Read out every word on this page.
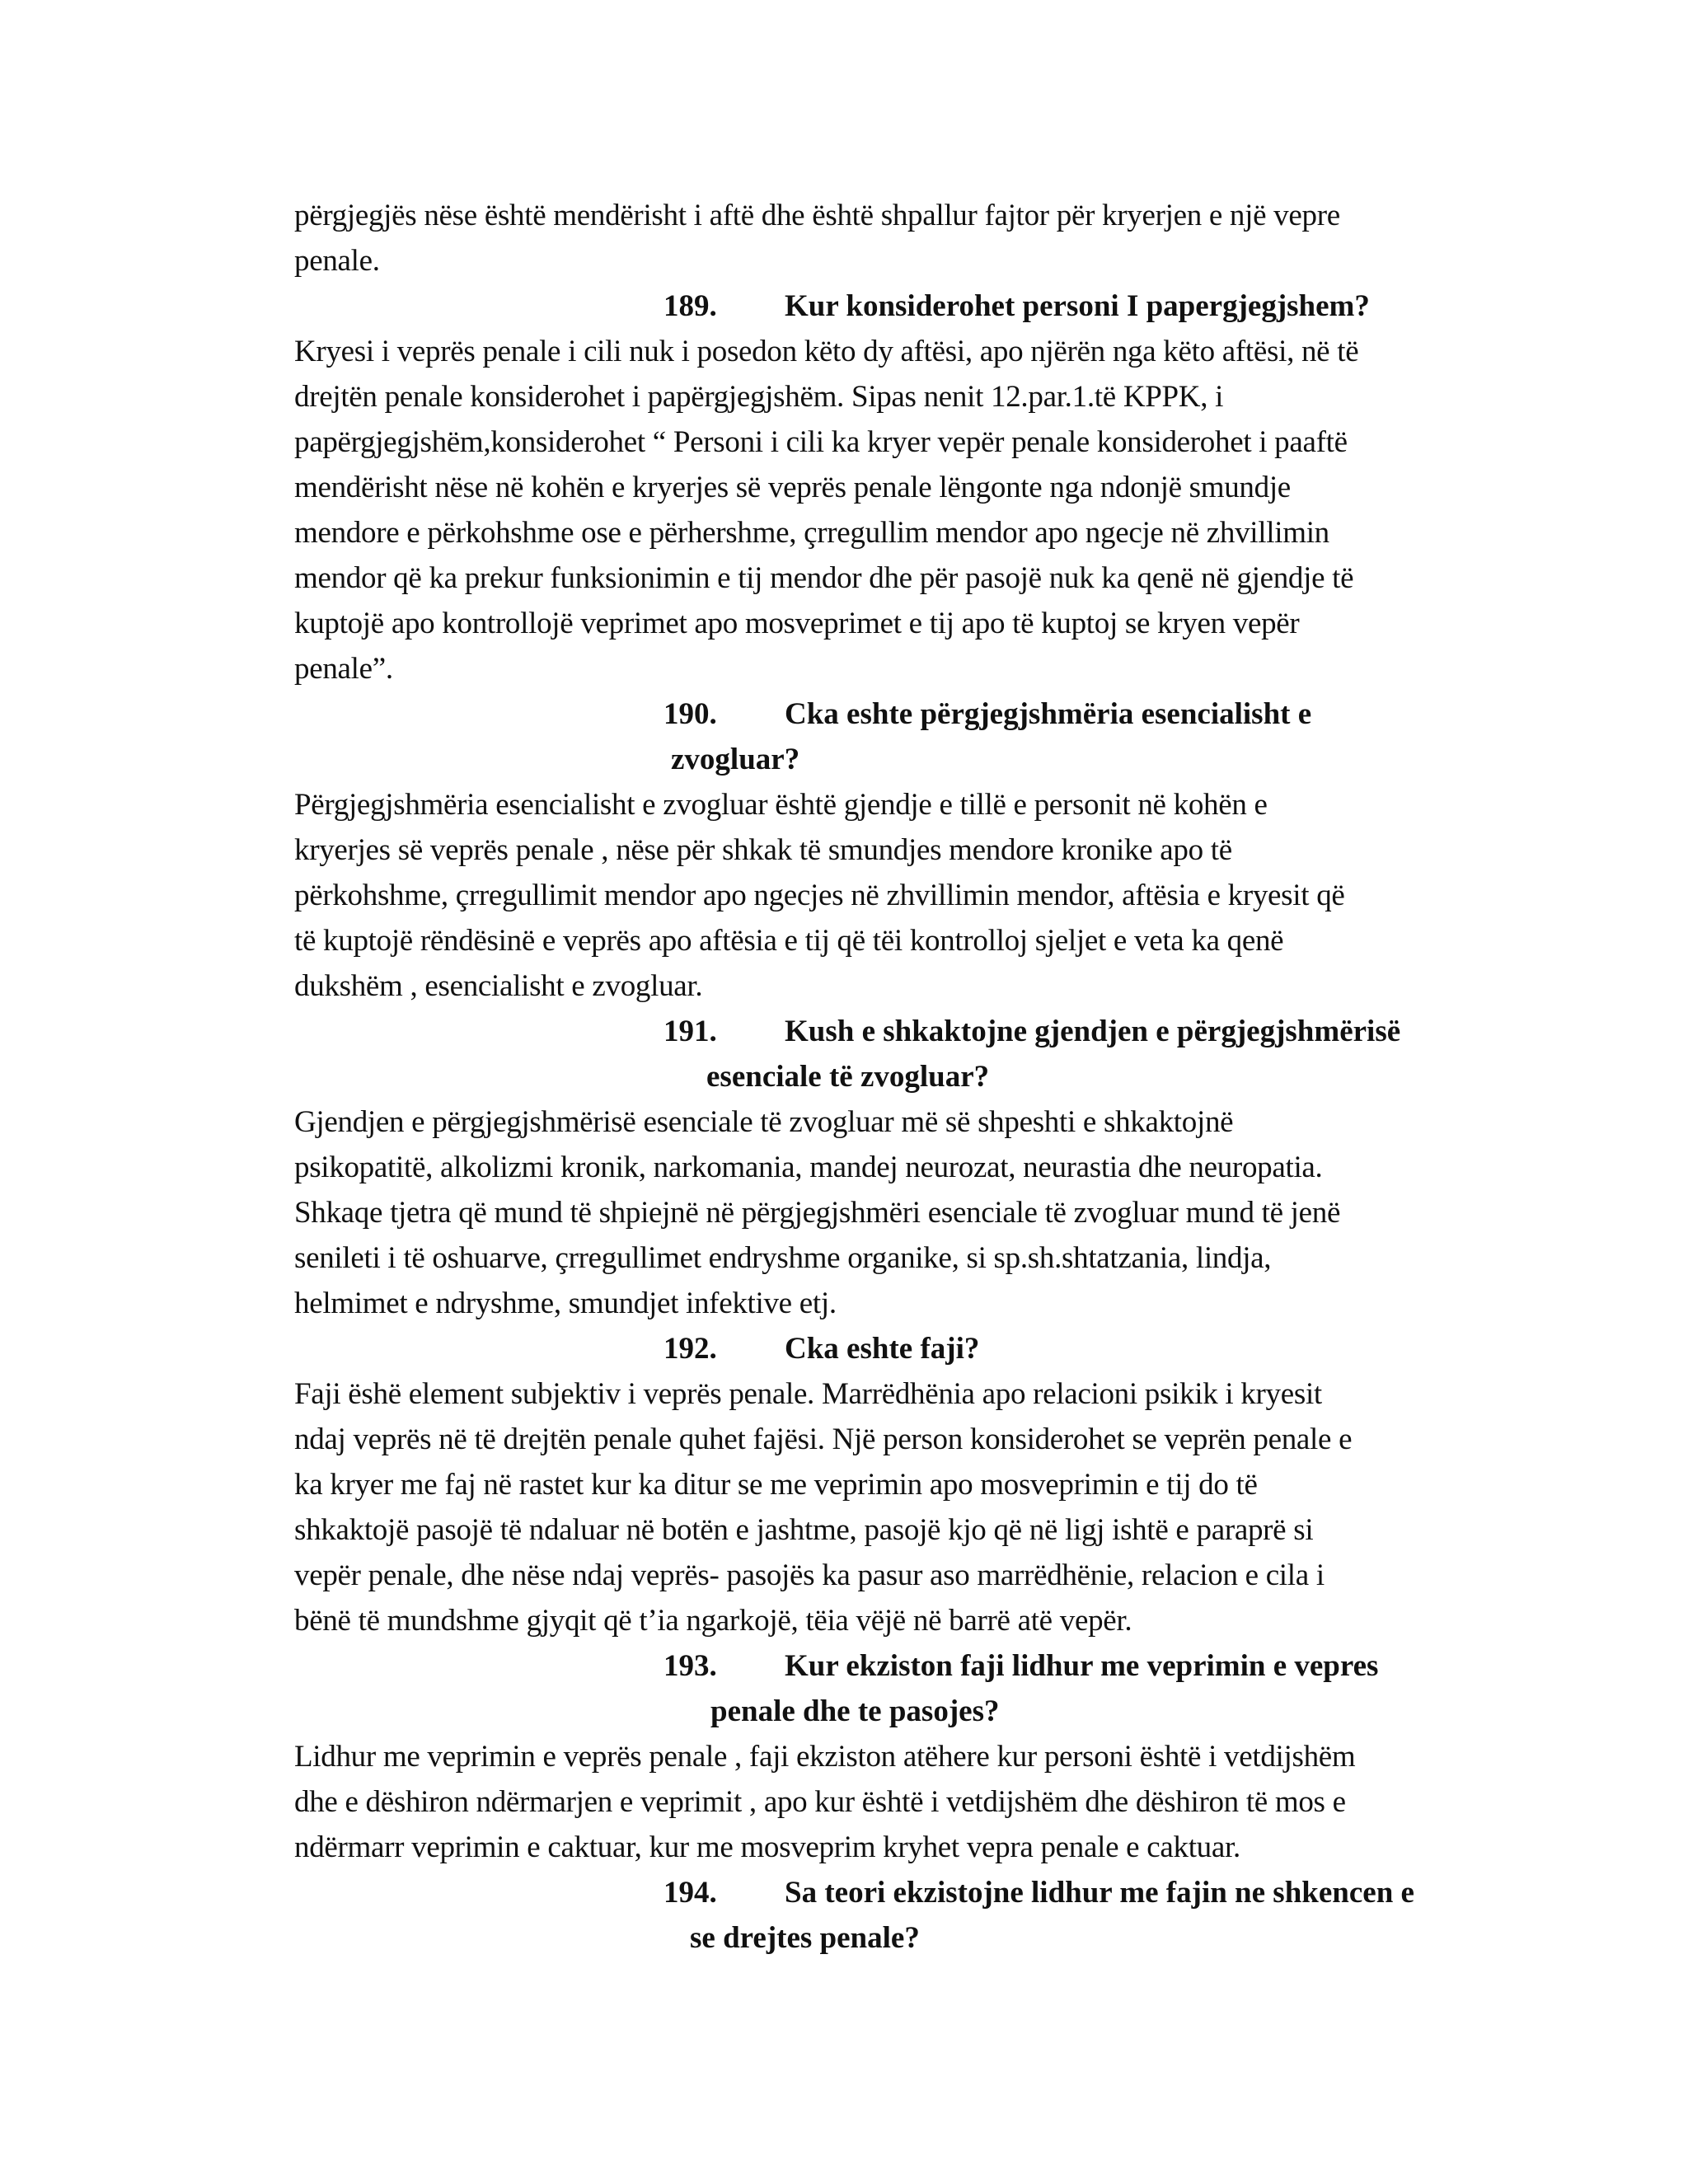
përgjegjës nëse është mendërisht i aftë dhe është shpallur fajtor për kryerjen e një vepre
penale.
189. Kur konsiderohet personi I papergjegjshem?
Kryesi i veprës penale i cili nuk i posedon këto dy aftësi, apo njërën nga këto aftësi, në të
drejtën penale konsiderohet i papërgjegjshëm. Sipas nenit 12.par.1.të KPPK, i
papërgjegjshëm,konsiderohet “ Personi i cili ka kryer vepër penale konsiderohet i paaftë
mendërisht nëse në kohën e kryerjes së veprës penale lëngonte nga ndonjë smundje
mendore e përkohshme ose e përhershme, çrregullim mendor apo ngecje në zhvillimin
mendor që ka prekur funksionimin e tij mendor dhe për pasojë nuk ka qenë në gjendje të
kuptojë apo kontrollojë veprimet apo mosveprimet e tij apo të kuptoj se kryen vepër
penale”.
190. Cka eshte përgjegjshmëria esencialisht e
zvogluar?
Përgjegjshmëria esencialisht e zvogluar është gjendje e tillë e personit në kohën e
kryerjes së veprës penale , nëse për shkak të smundjes mendore kronike apo të
përkohshme, çrregullimit mendor apo ngecjes në zhvillimin mendor, aftësia e kryesit që
të kuptojë rëndësinë e veprës apo aftësia e tij që tëi kontrolloj sjeljet e veta ka qenë
dukshëm , esencialisht e zvogluar.
191. Kush e shkaktojne gjendjen e përgjegjshmërisë
esenciale të zvogluar?
Gjendjen e përgjegjshmërisë esenciale të zvogluar më së shpeshti e shkaktojnë
psikopatitë, alkolizmi kronik, narkomania, mandej neurozat, neurastia dhe neuropatia.
Shkaqe tjetra që mund të shpiejnë në përgjegjshmëri esenciale të zvogluar mund të jenë
senileti i të oshuarve, çrregullimet endryshme organike, si sp.sh.shtatzania, lindja,
helmimet e ndryshme, smundjet infektive etj.
192. Cka eshte faji?
Faji ëshë element subjektiv i veprës penale. Marrëdhënia apo relacioni psikik i kryesit
ndaj veprës në të drejtën penale quhet fajësi. Një person konsiderohet se veprën penale e
ka kryer me faj në rastet kur ka ditur se me veprimin apo mosveprimin e tij do të
shkaktojë pasojë të ndaluar në botën e jashtme, pasojë kjo që në ligj ishtë e paraprë si
vepër penale, dhe nëse ndaj veprës- pasojës ka pasur aso marrëdhënie, relacion e cila i
bënë të mundshme gjyqit që t’ia ngarkojë, tëia vëjë në barrë atë vepër.
193. Kur ekziston faji lidhur me veprimin e vepres
penale dhe te pasojes?
Lidhur me veprimin e veprës penale , faji ekziston atëhere kur personi është i vetdijshëm
dhe e dëshiron ndërmarjen e veprimit , apo kur është i vetdijshëm dhe dëshiron të mos e
ndërmarr veprimin e caktuar, kur me mosveprim kryhet vepra penale e caktuar.
194. Sa teori ekzistojne lidhur me fajin ne shkencen e
se drejtes penale?
